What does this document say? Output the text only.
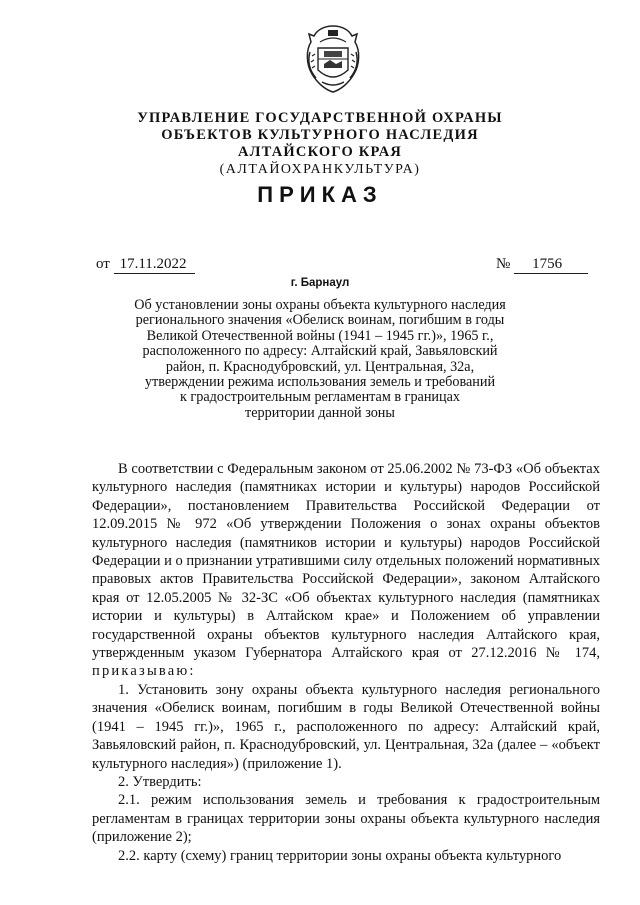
УПРАВЛЕНИЕ ГОСУДАРСТВЕННОЙ ОХРАНЫ
ОБЪЕКТОВ КУЛЬТУРНОГО НАСЛЕДИЯ
АЛТАЙСКОГО КРАЯ
(АЛТАЙОХРАНКУЛЬТУРА)
ПРИКАЗ
от 17.11.2022	№ 1756
г. Барнаул
Об установлении зоны охраны объекта культурного наследия
регионального значения «Обелиск воинам, погибшим в годы
Великой Отечественной войны (1941 – 1945 гг.)», 1965 г.,
расположенного по адресу: Алтайский край, Завьяловский
район, п. Краснодубровский, ул. Центральная, 32а,
утверждении режима использования земель и требований
к градостроительным регламентам в границах
территории данной зоны

В соответствии с Федеральным законом от 25.06.2002 № 73-ФЗ «Об объектах культурного наследия (памятниках истории и культуры) народов Российской Федерации», постановлением Правительства Российской Федерации от 12.09.2015 № 972 «Об утверждении Положения о зонах охраны объектов культурного наследия (памятников истории и культуры) народов Российской Федерации и о признании утратившими силу отдельных положений нормативных правовых актов Правительства Российской Федерации», законом Алтайского края от 12.05.2005 № 32-ЗС «Об объектах культурного наследия (памятниках истории и культуры) в Алтайском крае» и Положением об управлении государственной охраны объектов культурного наследия Алтайского края, утвержденным указом Губернатора Алтайского края от 27.12.2016 № 174, приказываю:

1. Установить зону охраны объекта культурного наследия регионального значения «Обелиск воинам, погибшим в годы Великой Отечественной войны (1941 – 1945 гг.)», 1965 г., расположенного по адресу: Алтайский край, Завьяловский район, п. Краснодубровский, ул. Центральная, 32а (далее – «объект культурного наследия») (приложение 1).

2. Утвердить:

2.1. режим использования земель и требования к градостроительным регламентам в границах территории зоны охраны объекта культурного наследия (приложение 2);

2.2. карту (схему) границ территории зоны охраны объекта культурного
